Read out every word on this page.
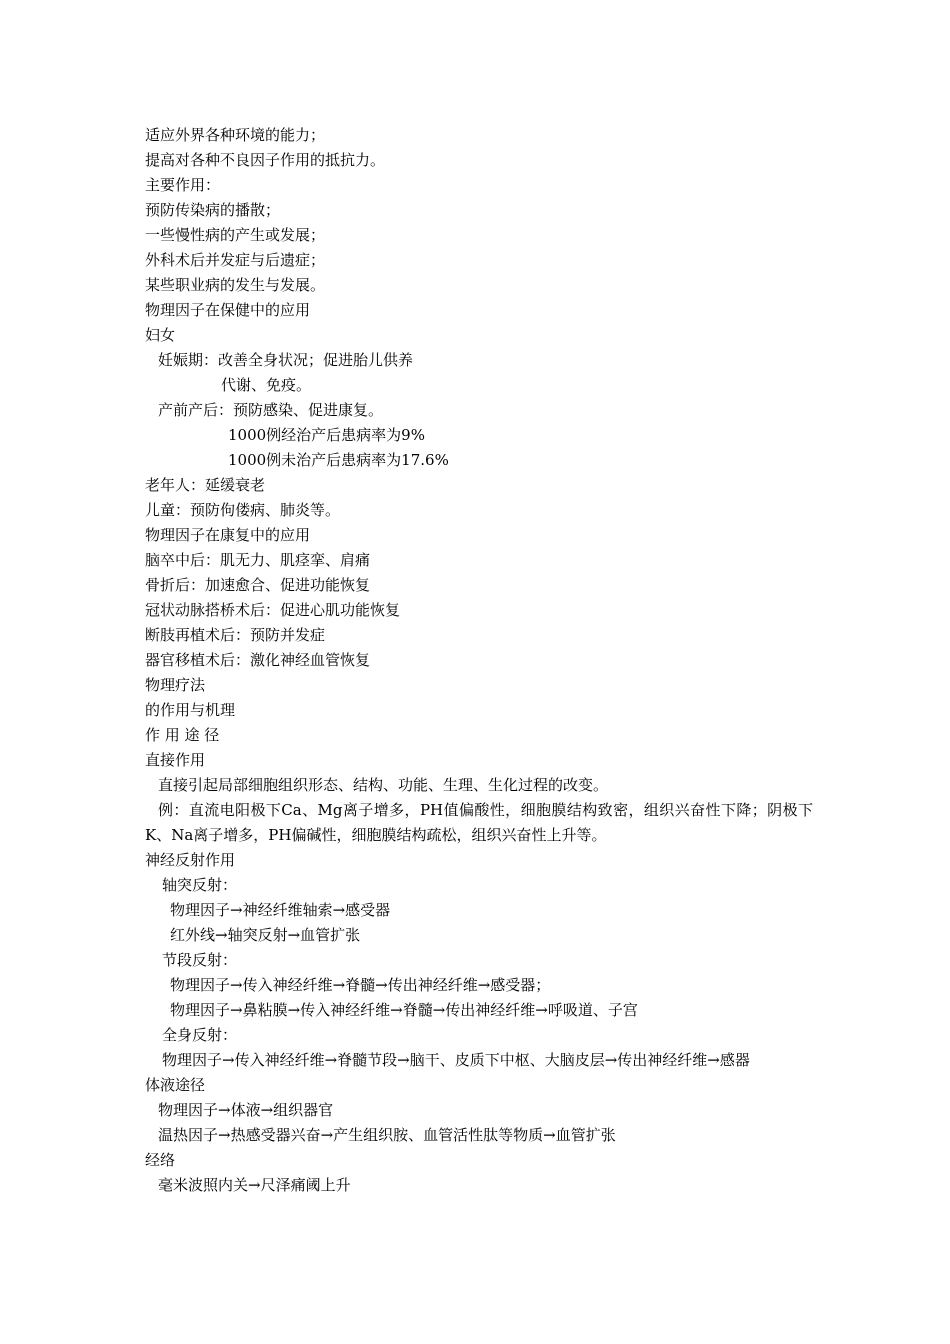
适应外界各种环境的能力；
提高对各种不良因子作用的抵抗力。
主要作用：
预防传染病的播散；
一些慢性病的产生或发展；
外科术后并发症与后遗症；
某些职业病的发生与发展。
物理因子在保健中的应用
妇女
妊娠期：改善全身状况；促进胎儿供养
代谢、免疫。
产前产后：预防感染、促进康复。
1000例经治产后患病率为9%
1000例未治产后患病率为17.6%
老年人：延缓衰老
儿童：预防佝偻病、肺炎等。
物理因子在康复中的应用
脑卒中后：肌无力、肌痉挛、肩痛
骨折后：加速愈合、促进功能恢复
冠状动脉搭桥术后：促进心肌功能恢复
断肢再植术后：预防并发症
器官移植术后：激化神经血管恢复
物理疗法
的作用与机理
作 用 途 径
直接作用
直接引起局部细胞组织形态、结构、功能、生理、生化过程的改变。
例：直流电阳极下Ca、Mg离子增多，PH值偏酸性，细胞膜结构致密，组织兴奋性下降；阴极下K、Na离子增多，PH偏碱性，细胞膜结构疏松，组织兴奋性上升等。
神经反射作用
轴突反射：
物理因子→神经纤维轴索→感受器
红外线→轴突反射→血管扩张
节段反射：
物理因子→传入神经纤维→脊髓→传出神经纤维→感受器；
物理因子→鼻粘膜→传入神经纤维→脊髓→传出神经纤维→呼吸道、子宫
全身反射：
物理因子→传入神经纤维→脊髓节段→脑干、皮质下中枢、大脑皮层→传出神经纤维→感器
体液途径
物理因子→体液→组织器官
温热因子→热感受器兴奋→产生组织胺、血管活性肽等物质→血管扩张
经络
毫米波照内关→尺泽痛阈上升
